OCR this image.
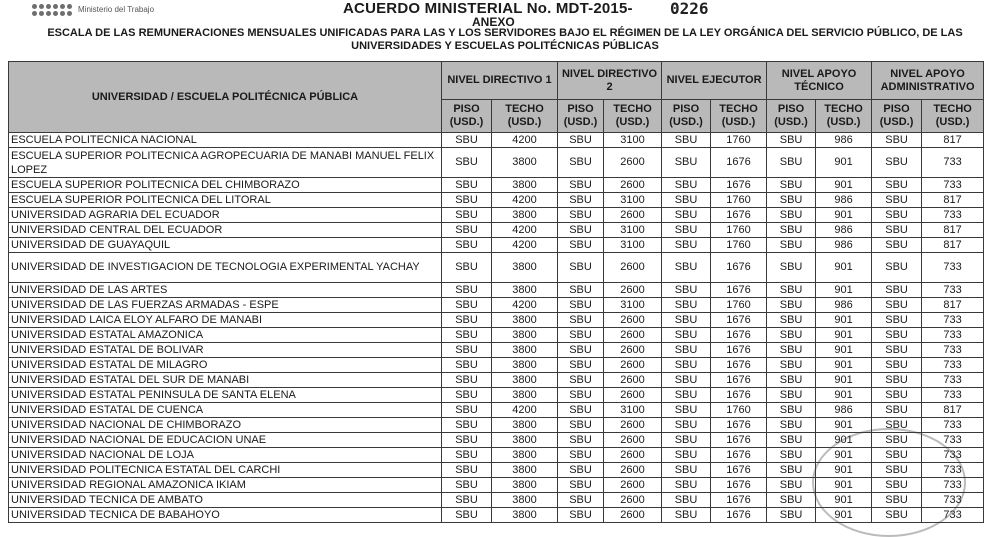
Ministerio del Trabajo	ACUERDO MINISTERIAL No. MDT-2015- 0226
ANEXO
ESCALA DE LAS REMUNERACIONES MENSUALES UNIFICADAS PARA LAS Y LOS SERVIDORES BAJO EL RÉGIMEN DE LA LEY ORGÁNICA DEL SERVICIO PÚBLICO, DE LAS UNIVERSIDADES Y ESCUELAS POLITÉCNICAS PÚBLICAS
UNIVERSIDAD / ESCUELA POLITÉCNICA PÚBLICA	NIVEL DIRECTIVO 1		NIVEL DIRECTIVO 2		NIVEL EJECUTOR		NIVEL APOYO TÉCNICO		NIVEL APOYO ADMINISTRATIVO	
	PISO (USD.)	TECHO (USD.)	PISO (USD.)	TECHO (USD.)	PISO (USD.)	TECHO (USD.)	PISO (USD.)	TECHO (USD.)	PISO (USD.)	TECHO (USD.)
ESCUELA POLITECNICA NACIONAL	SBU	4200	SBU	3100	SBU	1760	SBU	986	SBU	817
ESCUELA SUPERIOR POLITECNICA AGROPECUARIA DE MANABI MANUEL FELIX LOPEZ	SBU	3800	SBU	2600	SBU	1676	SBU	901	SBU	733
ESCUELA SUPERIOR POLITECNICA DEL CHIMBORAZO	SBU	3800	SBU	2600	SBU	1676	SBU	901	SBU	733
ESCUELA SUPERIOR POLITECNICA DEL LITORAL	SBU	4200	SBU	3100	SBU	1760	SBU	986	SBU	817
UNIVERSIDAD AGRARIA DEL ECUADOR	SBU	3800	SBU	2600	SBU	1676	SBU	901	SBU	733
UNIVERSIDAD CENTRAL DEL ECUADOR	SBU	4200	SBU	3100	SBU	1760	SBU	986	SBU	817
UNIVERSIDAD DE GUAYAQUIL	SBU	4200	SBU	3100	SBU	1760	SBU	986	SBU	817
UNIVERSIDAD DE INVESTIGACION DE TECNOLOGIA EXPERIMENTAL YACHAY	SBU	3800	SBU	2600	SBU	1676	SBU	901	SBU	733
UNIVERSIDAD DE LAS ARTES	SBU	3800	SBU	2600	SBU	1676	SBU	901	SBU	733
UNIVERSIDAD DE LAS FUERZAS ARMADAS - ESPE	SBU	4200	SBU	3100	SBU	1760	SBU	986	SBU	817
UNIVERSIDAD LAICA ELOY ALFARO DE MANABI	SBU	3800	SBU	2600	SBU	1676	SBU	901	SBU	733
UNIVERSIDAD ESTATAL AMAZONICA	SBU	3800	SBU	2600	SBU	1676	SBU	901	SBU	733
UNIVERSIDAD ESTATAL DE BOLIVAR	SBU	3800	SBU	2600	SBU	1676	SBU	901	SBU	733
UNIVERSIDAD ESTATAL DE MILAGRO	SBU	3800	SBU	2600	SBU	1676	SBU	901	SBU	733
UNIVERSIDAD ESTATAL DEL SUR DE MANABI	SBU	3800	SBU	2600	SBU	1676	SBU	901	SBU	733
UNIVERSIDAD ESTATAL PENINSULA DE SANTA ELENA	SBU	3800	SBU	2600	SBU	1676	SBU	901	SBU	733
UNIVERSIDAD ESTATAL DE CUENCA	SBU	4200	SBU	3100	SBU	1760	SBU	986	SBU	817
UNIVERSIDAD NACIONAL DE CHIMBORAZO	SBU	3800	SBU	2600	SBU	1676	SBU	901	SBU	733
UNIVERSIDAD NACIONAL DE EDUCACION UNAE	SBU	3800	SBU	2600	SBU	1676	SBU	901	SBU	733
UNIVERSIDAD NACIONAL DE LOJA	SBU	3800	SBU	2600	SBU	1676	SBU	901	SBU	733
UNIVERSIDAD POLITECNICA ESTATAL DEL CARCHI	SBU	3800	SBU	2600	SBU	1676	SBU	901	SBU	733
UNIVERSIDAD REGIONAL AMAZONICA IKIAM	SBU	3800	SBU	2600	SBU	1676	SBU	901	SBU	733
UNIVERSIDAD TECNICA DE AMBATO	SBU	3800	SBU	2600	SBU	1676	SBU	901	SBU	733
UNIVERSIDAD TECNICA DE BABAHOYO	SBU	3800	SBU	2600	SBU	1676	SBU	901	SBU	733
